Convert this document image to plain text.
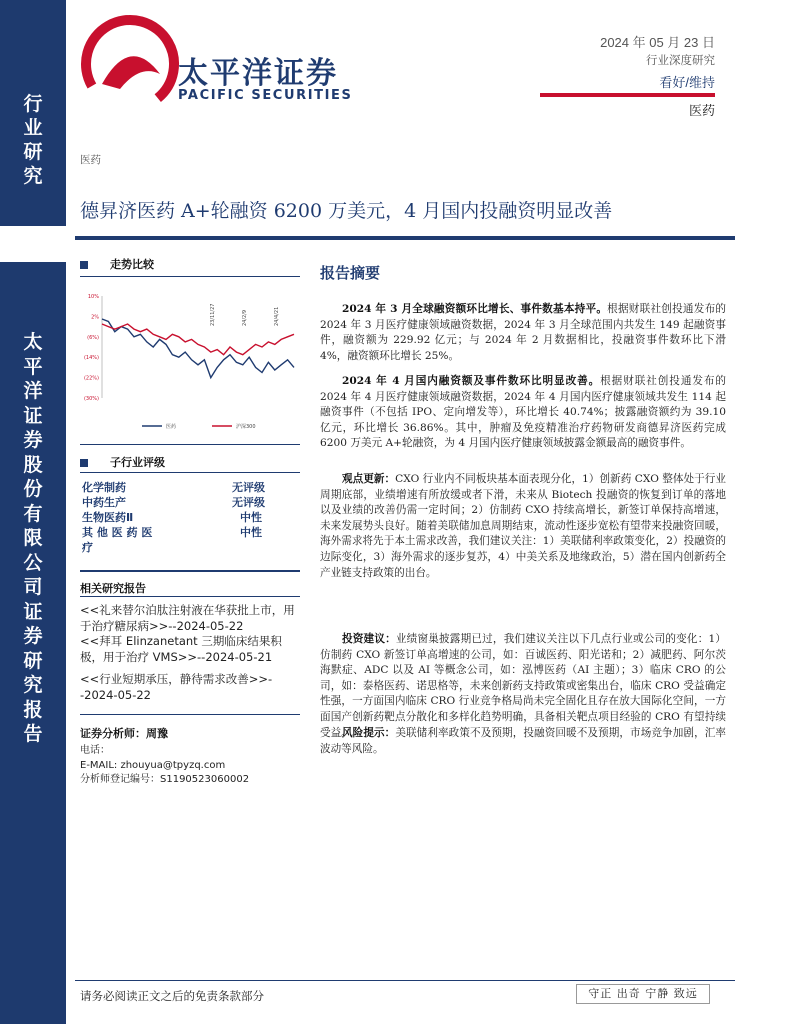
行业研究
太平洋证券股份有限公司证券研究报告
太平洋证券
PACIFIC SECURITIES
2024 年 05 月 23 日
行业深度研究
看好/维持
医药
医药
德昇济医药 A+轮融资 6200 万美元，4 月国内投融资明显改善
走势比较
10%
2%
(6%)
(14%)
(22%)
(30%)
23/11/27	24/2/9	24/4/21
医药	沪深300
子行业评级
化学制药	无评级
中药生产	无评级
生物医药Ⅱ	中性
其 他 医 药 医	中性
疗
相关研究报告
<<礼来替尔泊肽注射液在华获批上市，用于治疗糖尿病>>--2024-05-22
<<拜耳 Elinzanetant 三期临床结果积极，用于治疗 VMS>>--2024-05-21
<<行业短期承压，静待需求改善>>--2024-05-22
证券分析师：周豫
电话：
E-MAIL: zhouyua@tpyzq.com
分析师登记编号：S1190523060002
报告摘要
2024 年 3 月全球融资额环比增长、事件数基本持平。根据财联社创投通发布的 2024 年 3 月医疗健康领域融资数据，2024 年 3 月全球范围内共发生 149 起融资事件，融资额为 229.92 亿元；与 2024 年 2 月数据相比，投融资事件数环比下滑 4%，融资额环比增长 25%。
2024 年 4 月国内融资额及事件数环比明显改善。根据财联社创投通发布的 2024 年 4 月医疗健康领域融资数据，2024 年 4 月国内医疗健康领域共发生 114 起融资事件（不包括 IPO、定向增发等），环比增长 40.74%；披露融资额约为 39.10 亿元，环比增长 36.86%。其中，肿瘤及免疫精准治疗药物研发商德昇济医药完成 6200 万美元 A+轮融资，为 4 月国内医疗健康领域披露金额最高的融资事件。
观点更新：CXO 行业内不同板块基本面表现分化，1）创新药 CXO 整体处于行业周期底部，业绩增速有所放缓或者下滑，未来从 Biotech 投融资的恢复到订单的落地以及业绩的改善仍需一定时间；2）仿制药 CXO 持续高增长，新签订单保持高增速，未来发展势头良好。随着美联储加息周期结束，流动性逐步宽松有望带来投融资回暖，海外需求将先于本土需求改善，我们建议关注：1）美联储利率政策变化，2）投融资的边际变化，3）海外需求的逐步复苏，4）中美关系及地缘政治，5）潜在国内创新药全产业链支持政策的出台。
投资建议：业绩窗巢披露期已过，我们建议关注以下几点行业或公司的变化：1）仿制药 CXO 新签订单高增速的公司，如：百诚医药、阳光诺和；2）减肥药、阿尔茨海默症、ADC 以及 AI 等概念公司，如：泓博医药（AI 主题）；3）临床 CRO 的公司，如：泰格医药、诺思格等，未来创新药支持政策或密集出台，临床 CRO 受益确定性强，一方面国内临床 CRO 行业竞争格局尚未完全固化且存在放大国际化空间，一方面国产创新药靶点分散化和多样化趋势明确，具备相关靶点项目经验的 CRO 有望持续受益。
风险提示：美联储利率政策不及预期，投融资回暖不及预期，市场竞争加剧，汇率波动等风险。
请务必阅读正文之后的免责条款部分	守正 出奇 宁静 致远
